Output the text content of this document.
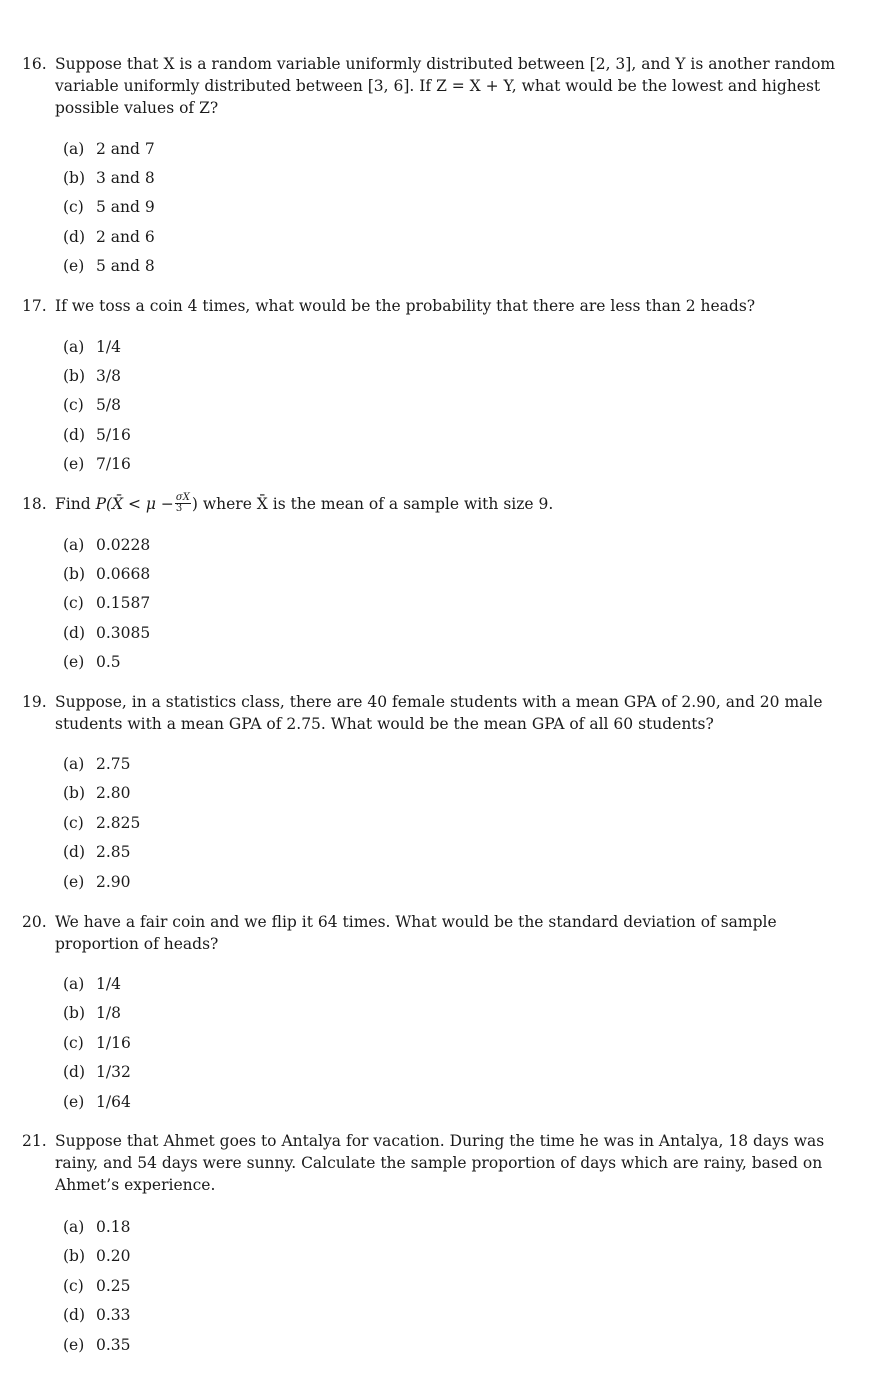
16. Suppose that X is a random variable uniformly distributed between [2, 3], and Y is another random
variable uniformly distributed between [3, 6]. If Z = X + Y, what would be the lowest and highest
possible values of Z?
(a) 2 and 7
(b) 3 and 8
(c) 5 and 9
(d) 2 and 6
(e) 5 and 8
17. If we toss a coin 4 times, what would be the probability that there are less than 2 heads?
(a) 1/4
(b) 3/8
(c) 5/8
(d) 5/16
(e) 7/16
18. Find P(X̄ < $\mu - \frac{\sigma X}{3}$ ) where X̄ is the mean of a sample with size 9.
(a) 0.0228
(b) 0.0668
(c) 0.1587
(d) 0.3085
(e) 0.5
19. Suppose, in a statistics class, there are 40 female students with a mean GPA of 2.90, and 20 male
students with a mean GPA of 2.75. What would be the mean GPA of all 60 students?
(a) 2.75
(b) 2.80
(c) 2.825
(d) 2.85
(e) 2.90
20. We have a fair coin and we flip it 64 times. What would be the standard deviation of sample
proportion of heads?
(a) 1/4
(b) 1/8
(c) 1/16
(d) 1/32
(e) 1/64
21. Suppose that Ahmet goes to Antalya for vacation. During the time he was in Antalya, 18 days was
rainy, and 54 days were sunny. Calculate the sample proportion of days which are rainy, based on
Ahmet’s experience.
(a) 0.18
(b) 0.20
(c) 0.25
(d) 0.33
(e) 0.35
